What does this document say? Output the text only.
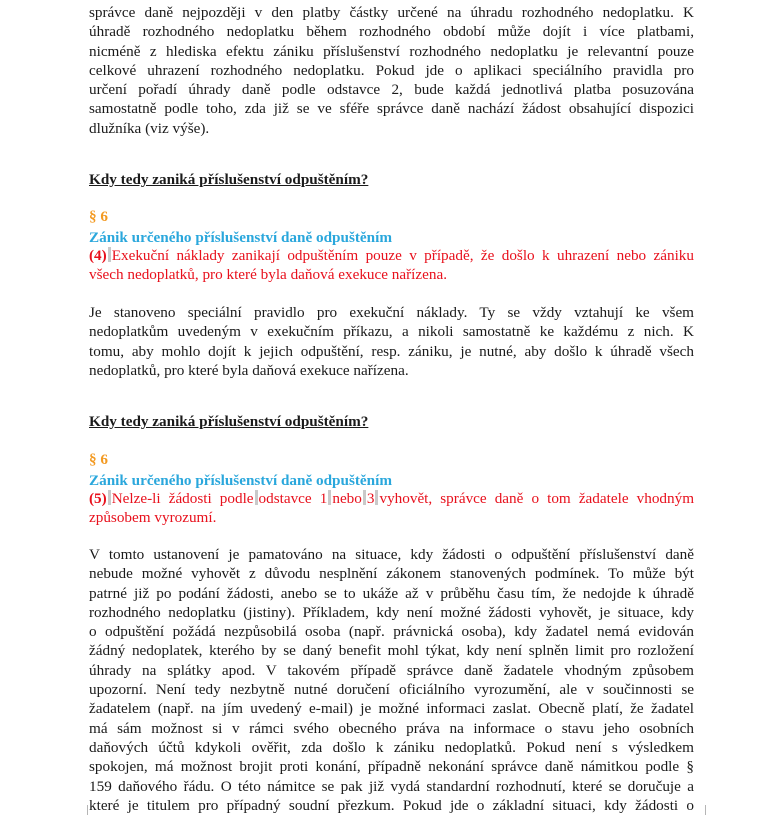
správce daně nejpozději v den platby částky určené na úhradu rozhodného nedoplatku. K

úhradě rozhodného nedoplatku během rozhodného období může dojít i více platbami,

nicméně z hlediska efektu zániku příslušenství rozhodného nedoplatku je relevantní pouze

celkové uhrazení rozhodného nedoplatku. Pokud jde o aplikaci speciálního pravidla pro

určení pořadí úhrady daně podle odstavce 2, bude každá jednotlivá platba posuzována

samostatně podle toho, zda již se ve sféře správce daně nachází žádost obsahující dispozici

dlužníka (viz výše).

Kdy tedy zaniká příslušenství odpuštěním?
§ 6
Zánik určeného příslušenství daně odpuštěním

(4) Exekuční náklady zanikají odpuštěním pouze v případě, že došlo k uhrazení nebo zániku

všech nedoplatků, pro které byla daňová exekuce nařízena.

Je stanoveno speciální pravidlo pro exekuční náklady. Ty se vždy vztahují ke všem

nedoplatkům uvedeným v exekučním příkazu, a nikoli samostatně ke každému z nich. K

tomu, aby mohlo dojít k jejich odpuštění, resp. zániku, je nutné, aby došlo k úhradě všech

nedoplatků, pro které byla daňová exekuce nařízena.

Kdy tedy zaniká příslušenství odpuštěním?
§ 6
Zánik určeného příslušenství daně odpuštěním

(5) Nelze-li žádosti podle odstavce 1 nebo 3 vyhovět, správce daně o tom žadatele vhodným

způsobem vyrozumí.

V tomto ustanovení je pamatováno na situace, kdy žádosti o odpuštění příslušenství daně

nebude možné vyhovět z důvodu nesplnění zákonem stanovených podmínek. To může být

patrné již po podání žádosti, anebo se to ukáže až v průběhu času tím, že nedojde k úhradě

rozhodného nedoplatku (jistiny). Příkladem, kdy není možné žádosti vyhovět, je situace, kdy

o odpuštění požádá nezpůsobilá osoba (např. právnická osoba), kdy žadatel nemá evidován

žádný nedoplatek, kterého by se daný benefit mohl týkat, kdy není splněn limit pro rozložení

úhrady na splátky apod. V takovém případě správce daně žadatele vhodným způsobem

upozorní. Není tedy nezbytně nutné doručení oficiálního vyrozumění, ale v součinnosti se

žadatelem (např. na jím uvedený e-mail) je možné informaci zaslat. Obecně platí, že žadatel

má sám možnost si v rámci svého obecného práva na informace o stavu jeho osobních

daňových účtů kdykoli ověřit, zda došlo k zániku nedoplatků. Pokud není s výsledkem

spokojen, má možnost brojit proti konání, případně nekonání správce daně námitkou podle §

159 daňového řádu. O této námitce se pak již vydá standardní rozhodnutí, které se doručuje a

které je titulem pro případný soudní přezkum. Pokud jde o základní situaci, kdy žádosti o
